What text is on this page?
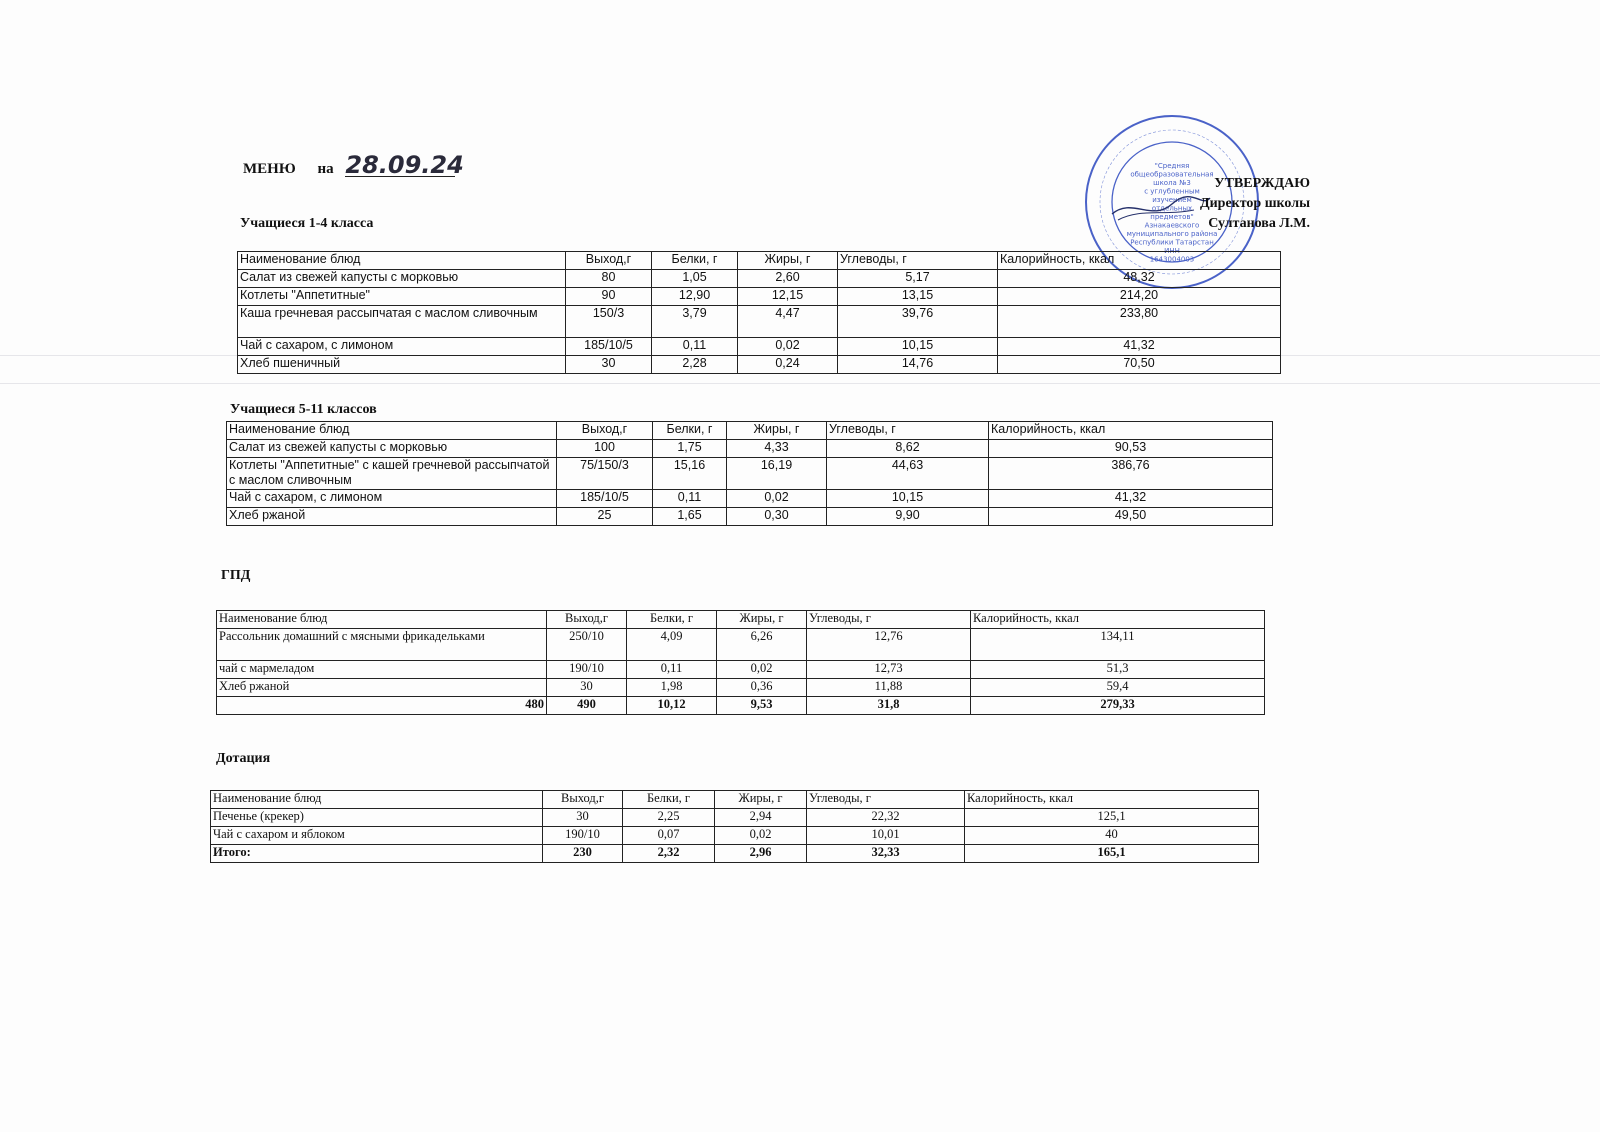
МЕНЮ на 28.09.24	"Средняя
общеобразовательная
школа №3
с углубленным
изучением
отдельных
предметов"
Азнакаевского
муниципального района
Республики Татарстан
ИНН
1643004003
УТВЕРЖДАЮ
Директор школы
Султанова Л.М.
Учащиеся 1-4 класса
Наименование блюд	Выход,г	Белки, г	Жиры, г	Углеводы, г	Калорийность, ккал
Салат из свежей капусты с морковью	80	1,05	2,60	5,17	48,32
Котлеты "Аппетитные"	90	12,90	12,15	13,15	214,20
Каша гречневая рассыпчатая с маслом сливочным	150/3	3,79	4,47	39,76	233,80
Чай с сахаром, с лимоном	185/10/5	0,11	0,02	10,15	41,32
Хлеб пшеничный	30	2,28	0,24	14,76	70,50
Учащиеся 5-11 классов
Наименование блюд	Выход,г	Белки, г	Жиры, г	Углеводы, г	Калорийность, ккал
Салат из свежей капусты с морковью	100	1,75	4,33	8,62	90,53
Котлеты "Аппетитные" с кашей гречневой рассыпчатой с маслом сливочным	75/150/3	15,16	16,19	44,63	386,76
Чай с сахаром, с лимоном	185/10/5	0,11	0,02	10,15	41,32
Хлеб ржаной	25	1,65	0,30	9,90	49,50
ГПД
Наименование блюд	Выход,г	Белки, г	Жиры, г	Углеводы, г	Калорийность, ккал
Рассольник домашний с мясными фрикадельками	250/10	4,09	6,26	12,76	134,11
чай с мармеладом	190/10	0,11	0,02	12,73	51,3
Хлеб ржаной	30	1,98	0,36	11,88	59,4
480	490	10,12	9,53	31,8	279,33
Дотация
Наименование блюд	Выход,г	Белки, г	Жиры, г	Углеводы, г	Калорийность, ккал
Печенье (крекер)	30	2,25	2,94	22,32	125,1
Чай с сахаром и яблоком	190/10	0,07	0,02	10,01	40
Итого:	230	2,32	2,96	32,33	165,1
